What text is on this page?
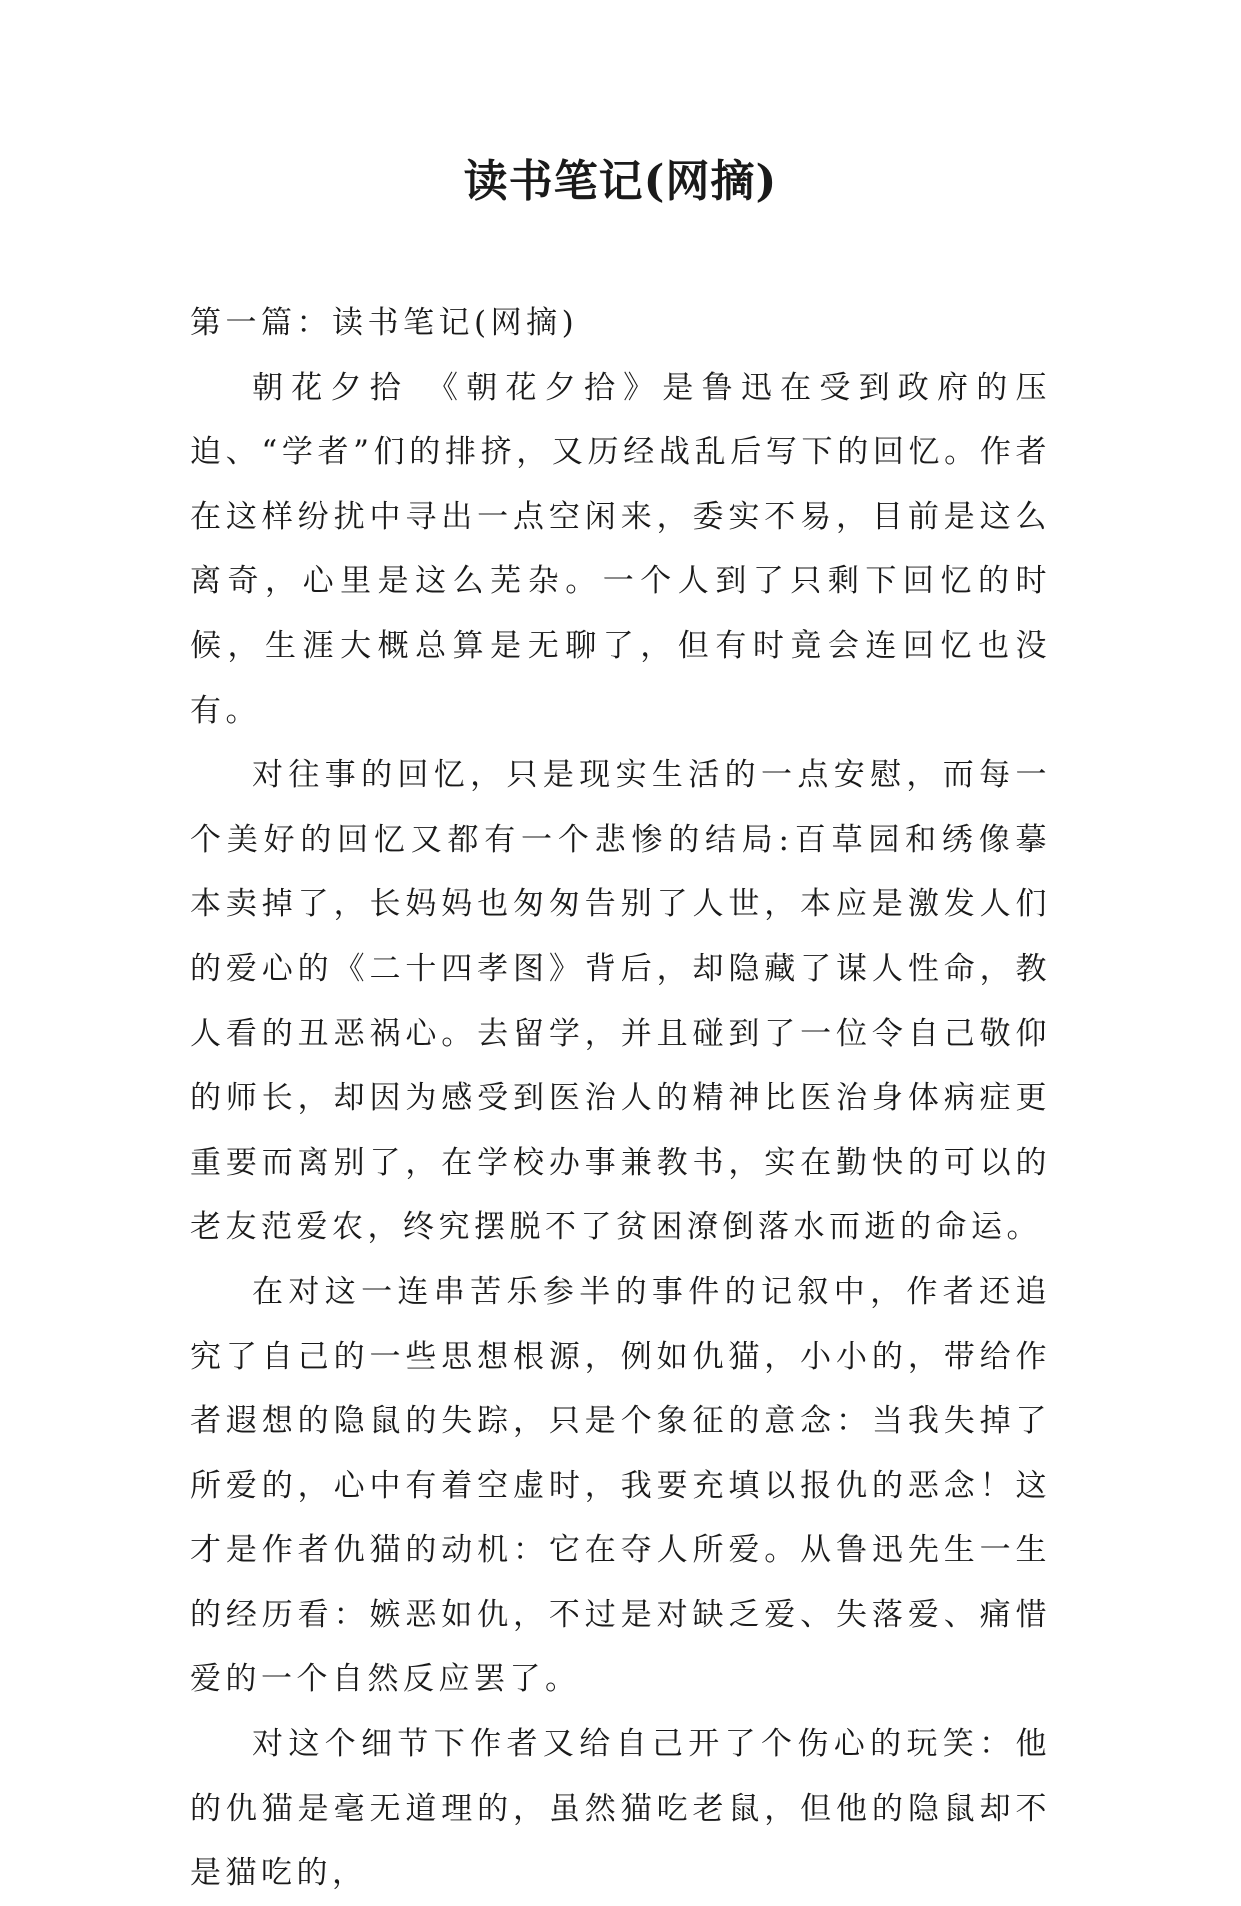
读书笔记(网摘)

第一篇：读书笔记(网摘)

朝花夕拾 《朝花夕拾》是鲁迅在受到政府的压迫、“学者”们的排挤，又历经战乱后写下的回忆。作者在这样纷扰中寻出一点空闲来，委实不易，目前是这么离奇，心里是这么芜杂。一个人到了只剩下回忆的时候，生涯大概总算是无聊了，但有时竟会连回忆也没有。

对往事的回忆，只是现实生活的一点安慰，而每一个美好的回忆又都有一个悲惨的结局:百草园和绣像摹本卖掉了，长妈妈也匆匆告别了人世，本应是激发人们的爱心的《二十四孝图》背后，却隐藏了谋人性命，教人看的丑恶祸心。去留学，并且碰到了一位令自己敬仰的师长，却因为感受到医治人的精神比医治身体病症更重要而离别了，在学校办事兼教书，实在勤快的可以的老友范爱农，终究摆脱不了贫困潦倒落水而逝的命运。

在对这一连串苦乐参半的事件的记叙中，作者还追究了自己的一些思想根源，例如仇猫，小小的，带给作者遐想的隐鼠的失踪，只是个象征的意念：当我失掉了所爱的，心中有着空虚时，我要充填以报仇的恶念！这才是作者仇猫的动机：它在夺人所爱。从鲁迅先生一生的经历看：嫉恶如仇，不过是对缺乏爱、失落爱、痛惜爱的一个自然反应罢了。

对这个细节下作者又给自己开了个伤心的玩笑：他的仇猫是毫无道理的，虽然猫吃老鼠，但他的隐鼠却不是猫吃的，
